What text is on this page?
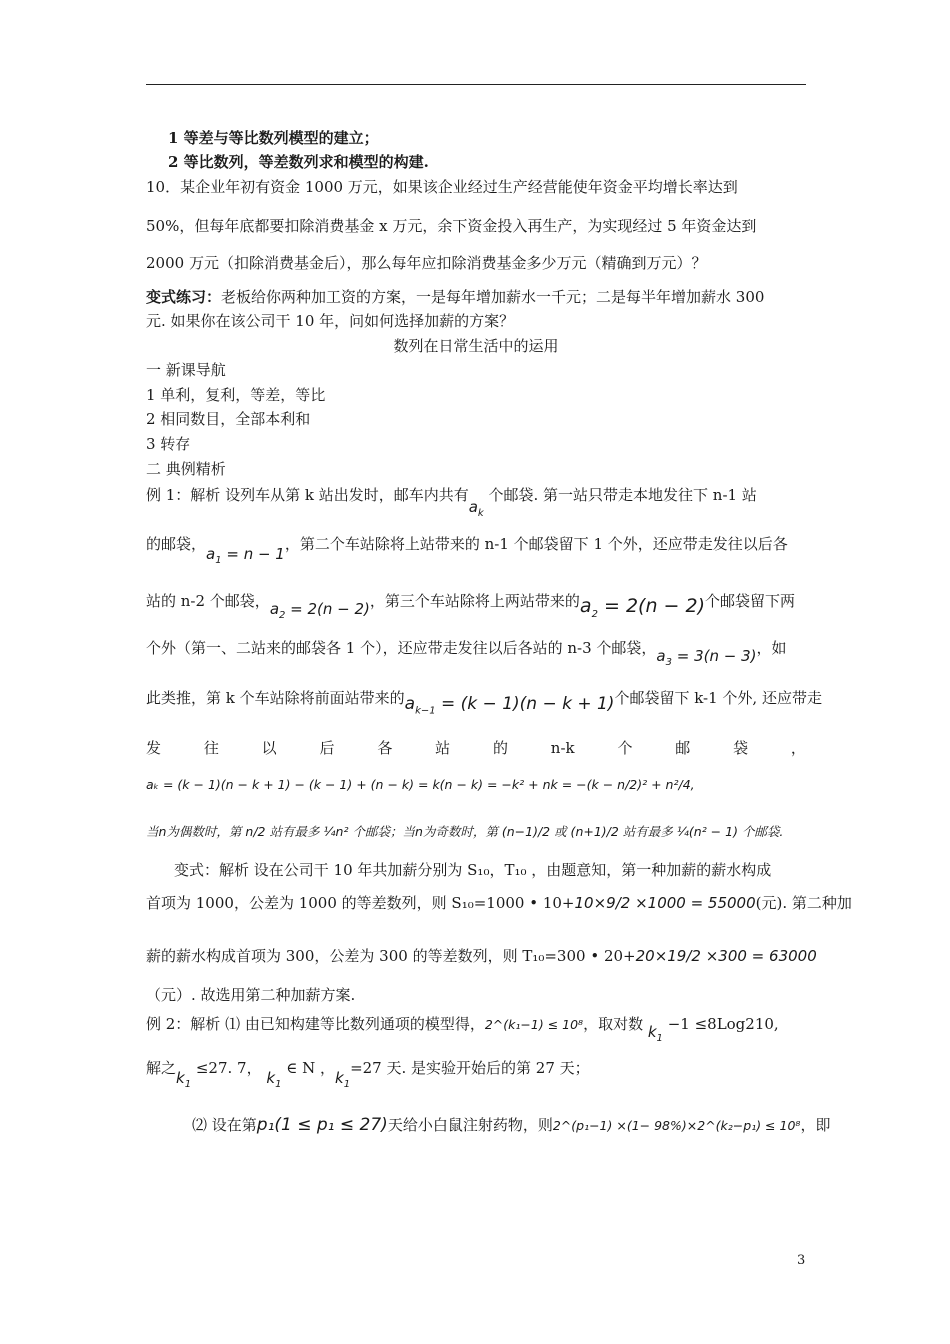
1 等差与等比数列模型的建立；
2 等比数列，等差数列求和模型的构建.
10．某企业年初有资金 1000 万元，如果该企业经过生产经营能使年资金平均增长率达到
50%，但每年底都要扣除消费基金 x 万元，余下资金投入再生产，为实现经过 5 年资金达到
2000 万元（扣除消费基金后），那么每年应扣除消费基金多少万元（精确到万元）？
变式练习：老板给你两种加工资的方案，一是每年增加薪水一千元；二是每半年增加薪水 300
元. 如果你在该公司干 10 年，问如何选择加薪的方案？
数列在日常生活中的运用
一 新课导航
1 单利，复利，等差，等比
2 相同数目，全部本利和
3 转存
二 典例精析
例 1：解析 设列车从第 k 站出发时，邮车内共有$a_k$ 个邮袋. 第一站只带走本地发往下 n-1 站
的邮袋，$a_1 = n - 1$，第二个车站除将上站带来的 n-1 个邮袋留下 1 个外，还应带走发往以后各
站的 n-2 个邮袋，$a_2 = 2(n - 2)$，第三个车站除将上两站带来的$a_2 = 2(n - 2)$个邮袋留下两
个外（第一、二站来的邮袋各 1 个），还应带走发往以后各站的 n-3 个邮袋，$a_3 = 3(n - 3)$，如
此类推，第 k 个车站除将前面站带来的$a_{k-1} = (k - 1)(n - k + 1)$个邮袋留下 k-1 个外, 还应带走
发	往	以	后	各	站	的	n-k	个	邮	袋	，
aₖ = (k − 1)(n − k + 1) − (k − 1) + (n − k) = k(n − k) = −k² + nk = −(k − n/2)² + n²/4,
当n为偶数时，第 n/2 站有最多 ¼n² 个邮袋；当n为奇数时，第 (n−1)/2 或 (n+1)/2 站有最多 ¼(n² − 1) 个邮袋.
变式：解析 设在公司干 10 年共加薪分别为 S₁₀，T₁₀ ，由题意知，第一种加薪的薪水构成
首项为 1000，公差为 1000 的等差数列，则 S₁₀=1000 • 10+10×9/2 ×1000 = 55000(元). 第二种加
薪的薪水构成首项为 300，公差为 300 的等差数列，则 T₁₀=300 • 20+20×19/2 ×300 = 63000
（元）. 故选用第二种加薪方案.
例 2：解析 ⑴ 由已知构建等比数列通项的模型得，2^(k₁−1) ≤ 10⁸，取对数 $k_1 -1 \le 8Log210$,
解之$k_1 \le 27$. 7， $k_1$ ∈ N ，$k_1=27$ 天. 是实验开始后的第 27 天；
⑵ 设在第p₁(1 ≤ p₁ ≤ 27)天给小白鼠注射药物，则2^(p₁−1) ×(1− 98%)×2^(k₂−p₁) ≤ 10⁸，即
3
